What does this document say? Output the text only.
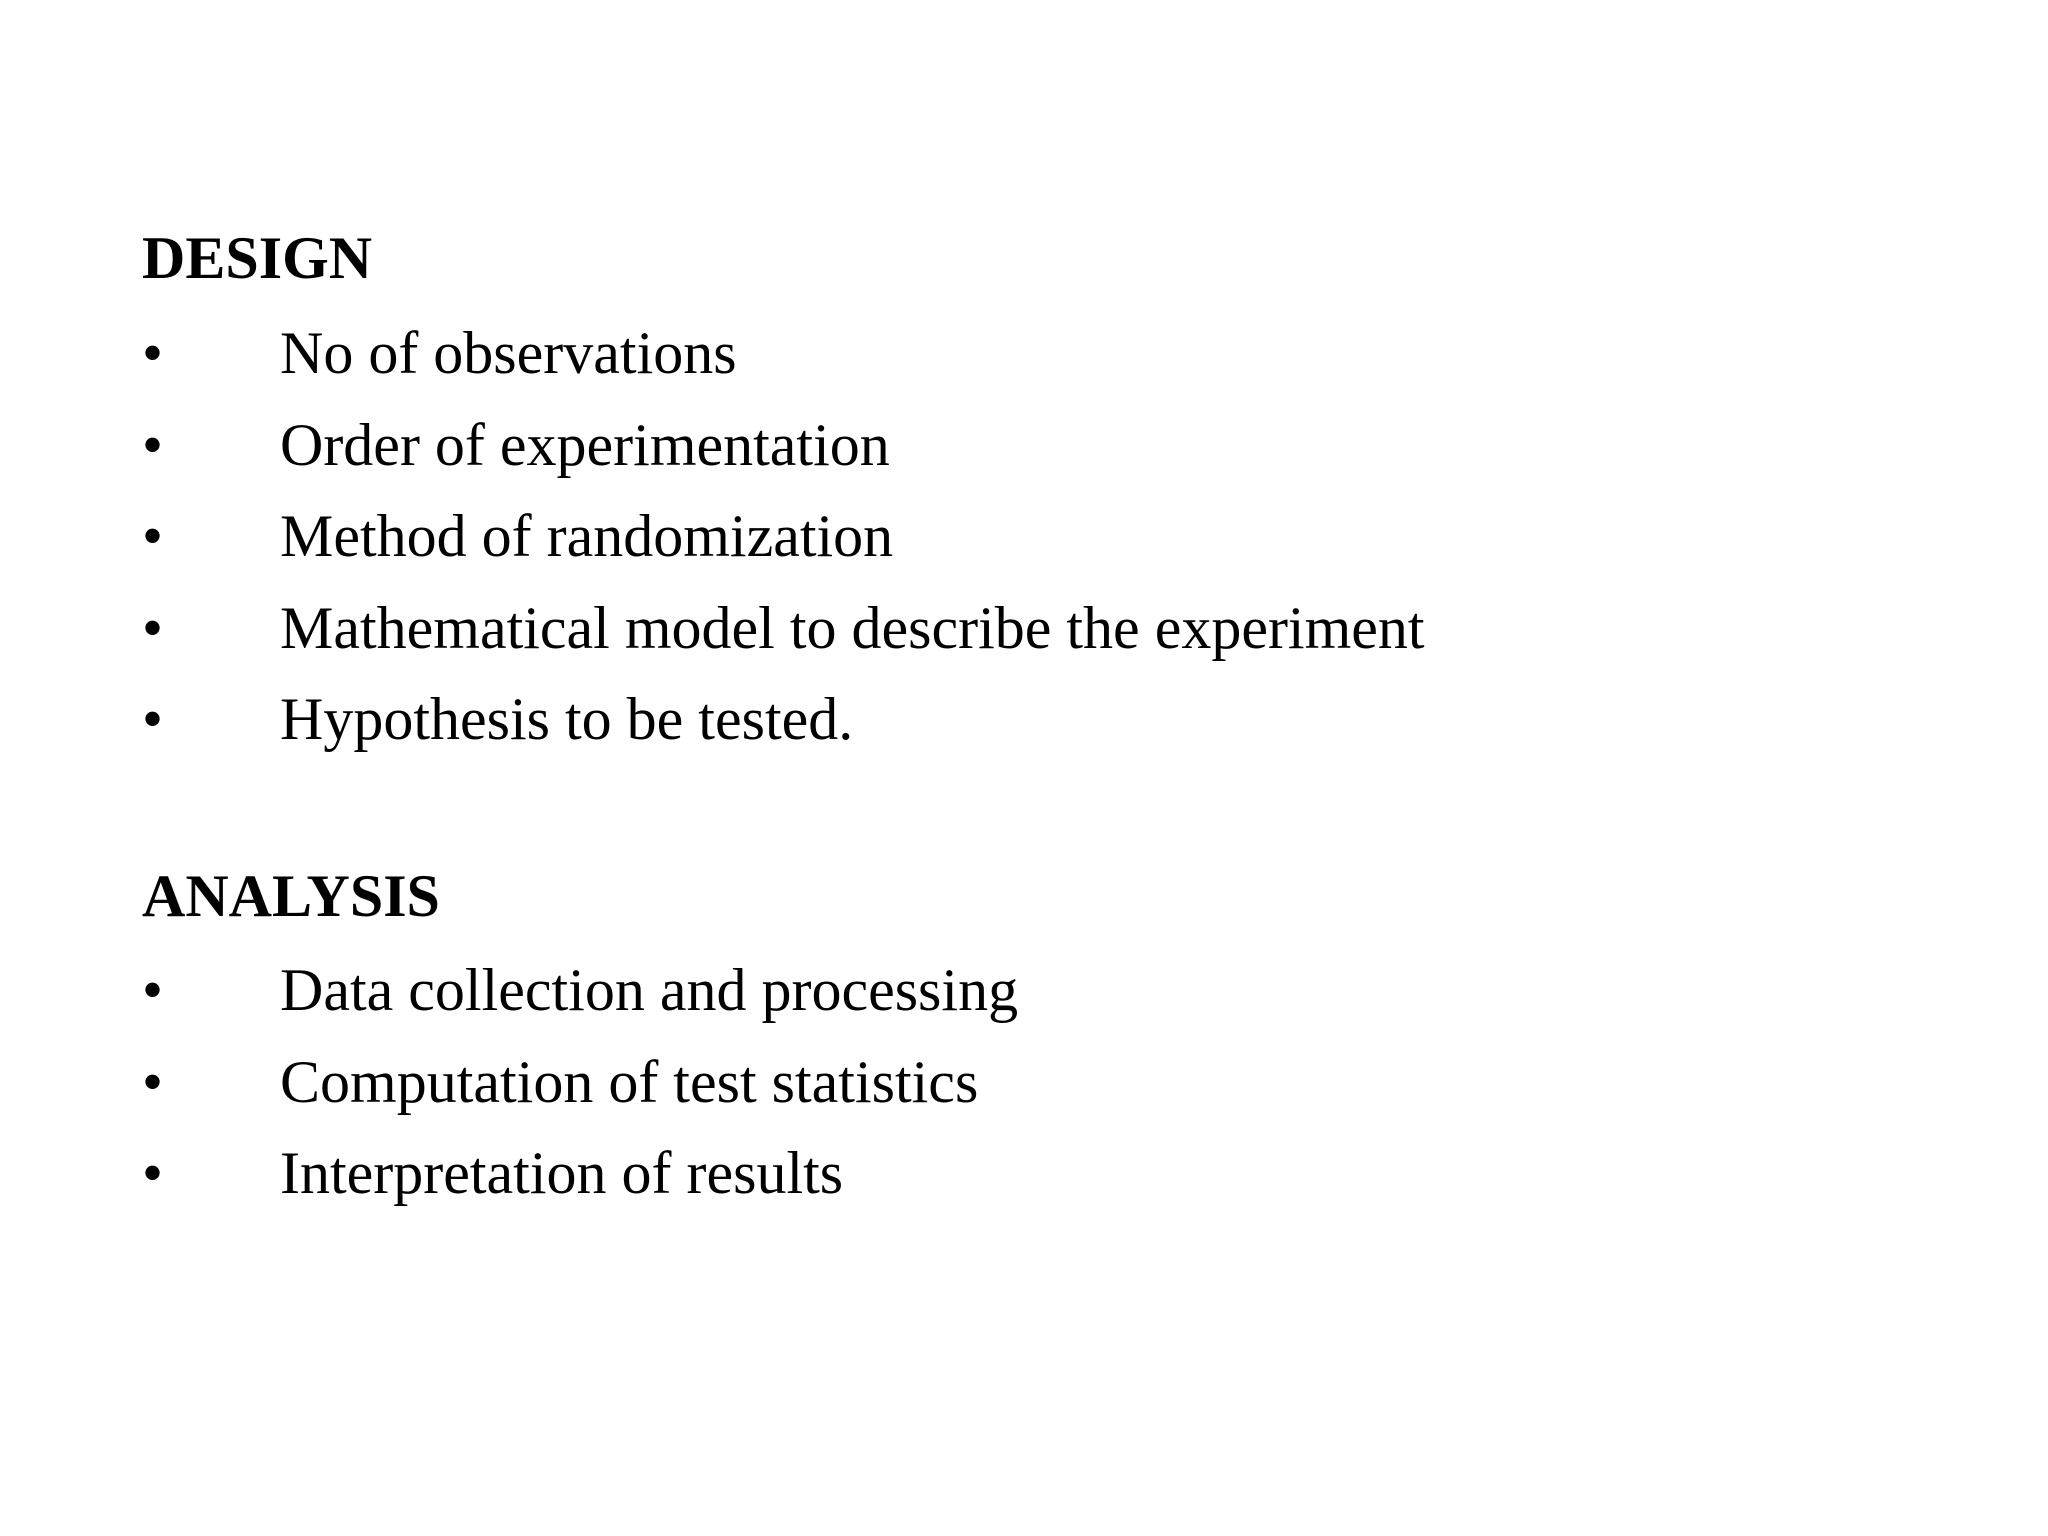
DESIGN
•	No of observations
•	Order of experimentation
•	Method of randomization
•	Mathematical model to describe the experiment
•	Hypothesis to be tested.
ANALYSIS
•	Data collection and processing
•	Computation of test statistics
•	Interpretation of results
